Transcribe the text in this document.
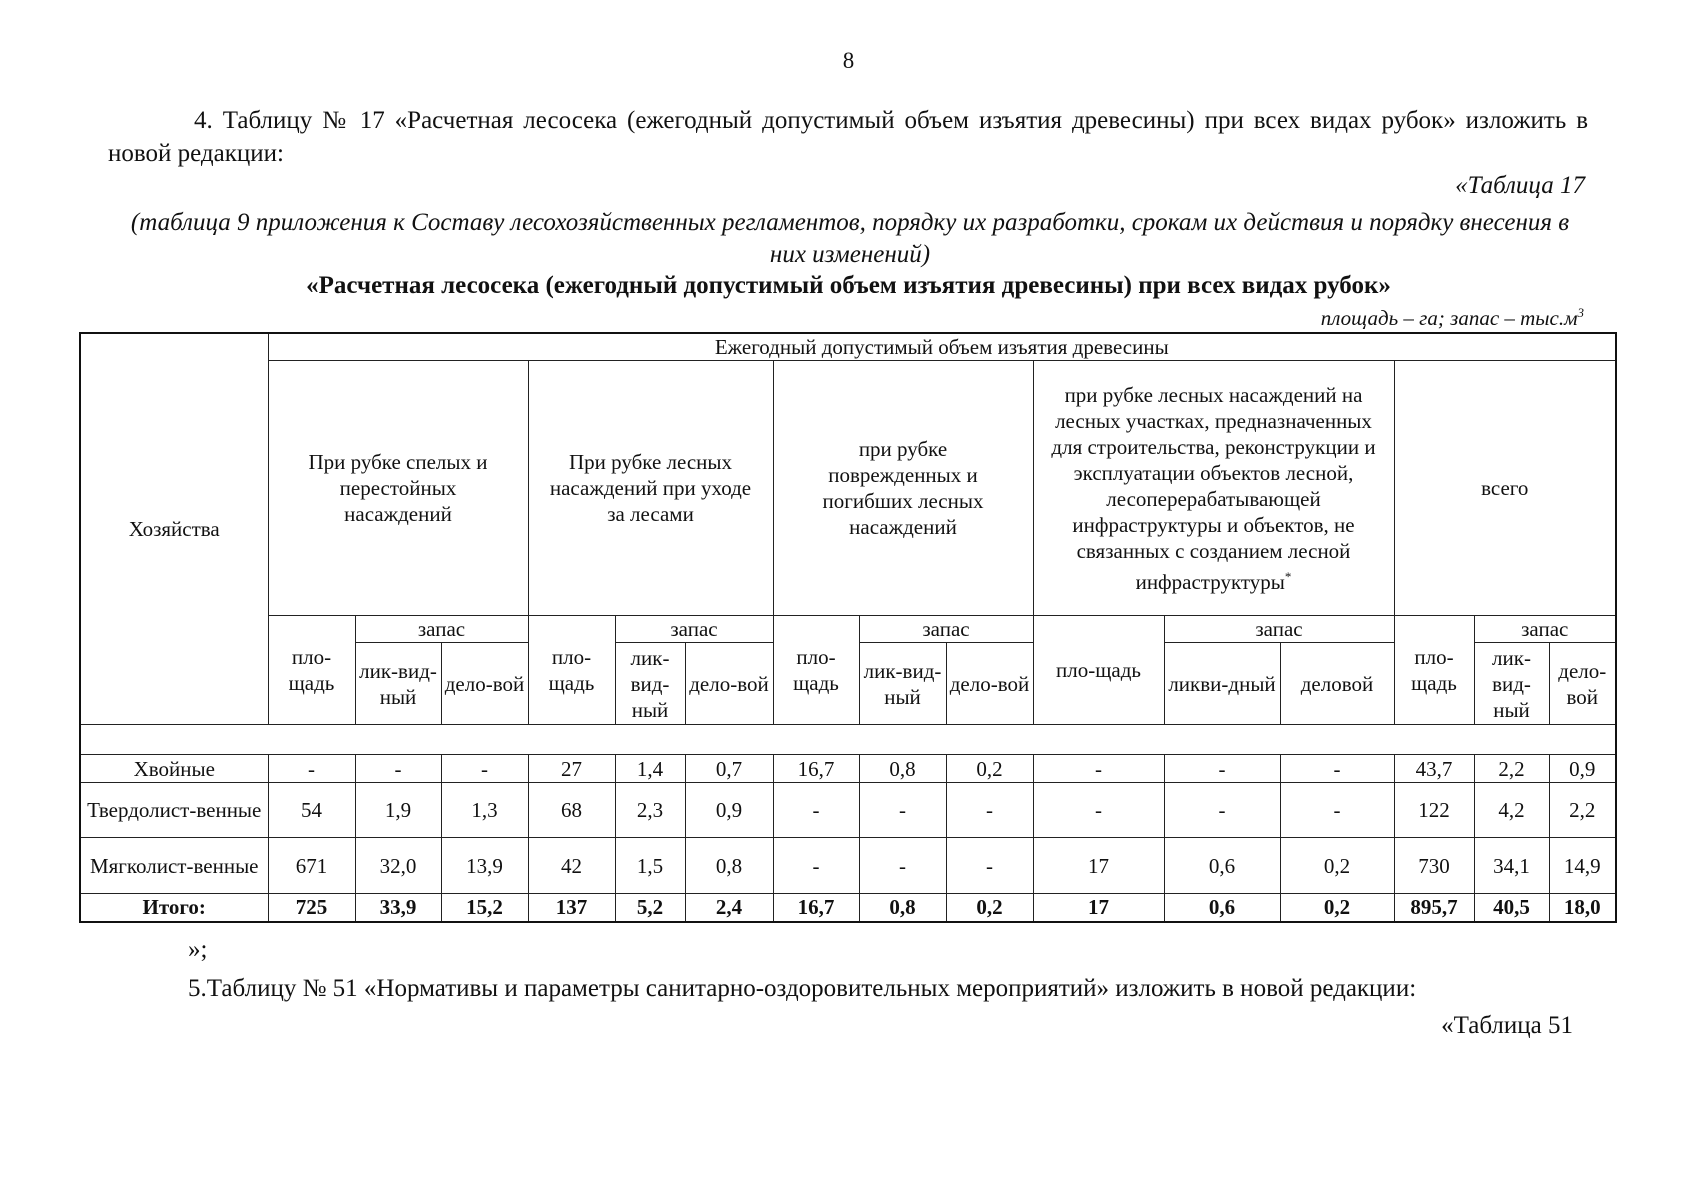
8
4. Таблицу № 17 «Расчетная лесосека (ежегодный допустимый объем изъятия древесины) при всех видах рубок» изложить в новой редакции:
«Таблица 17
(таблица 9 приложения к Составу лесохозяйственных регламентов, порядку их разработки, срокам их действия и порядку внесения в них изменений)
«Расчетная лесосека (ежегодный допустимый объем изъятия древесины) при всех видах рубок»
площадь – га; запас – $тыс.м^3$
Хозяйства	Ежегодный допустимый объем изъятия древесины														
	При рубке спелых и перестойных насаждений			При рубке лесных насаждений при уходе за лесами			при рубке поврежденных и погибших лесных насаждений			при рубке лесных насаждений на лесных участках, предназначенных для строительства, реконструкции и эксплуатации объектов лесной, лесоперерабатывающей инфраструктуры и объектов, не связанных с созданием лесной инфраструктуры*			всего		
	пло-щадь	запас		пло-щадь	запас		пло-щадь	запас		пло-щадь	запас		пло-щадь	запас	
		лик-вид-ный	дело-вой		лик-вид-ный	дело-вой		лик-вид-ный	дело-вой		ликви-дный	деловой		лик-вид-ный	дело-вой

Хвойные	-	-	-	27	1,4	0,7	16,7	0,8	0,2	-	-	-	43,7	2,2	0,9
Твердолист-венные	54	1,9	1,3	68	2,3	0,9	-	-	-	-	-	-	122	4,2	2,2
Мягколист-венные	671	32,0	13,9	42	1,5	0,8	-	-	-	17	0,6	0,2	730	34,1	14,9
Итого:	725	33,9	15,2	137	5,2	2,4	16,7	0,8	0,2	17	0,6	0,2	895,7	40,5	18,0
»;
5.Таблицу № 51 «Нормативы и параметры санитарно-оздоровительных мероприятий» изложить в новой редакции:
«Таблица 51
